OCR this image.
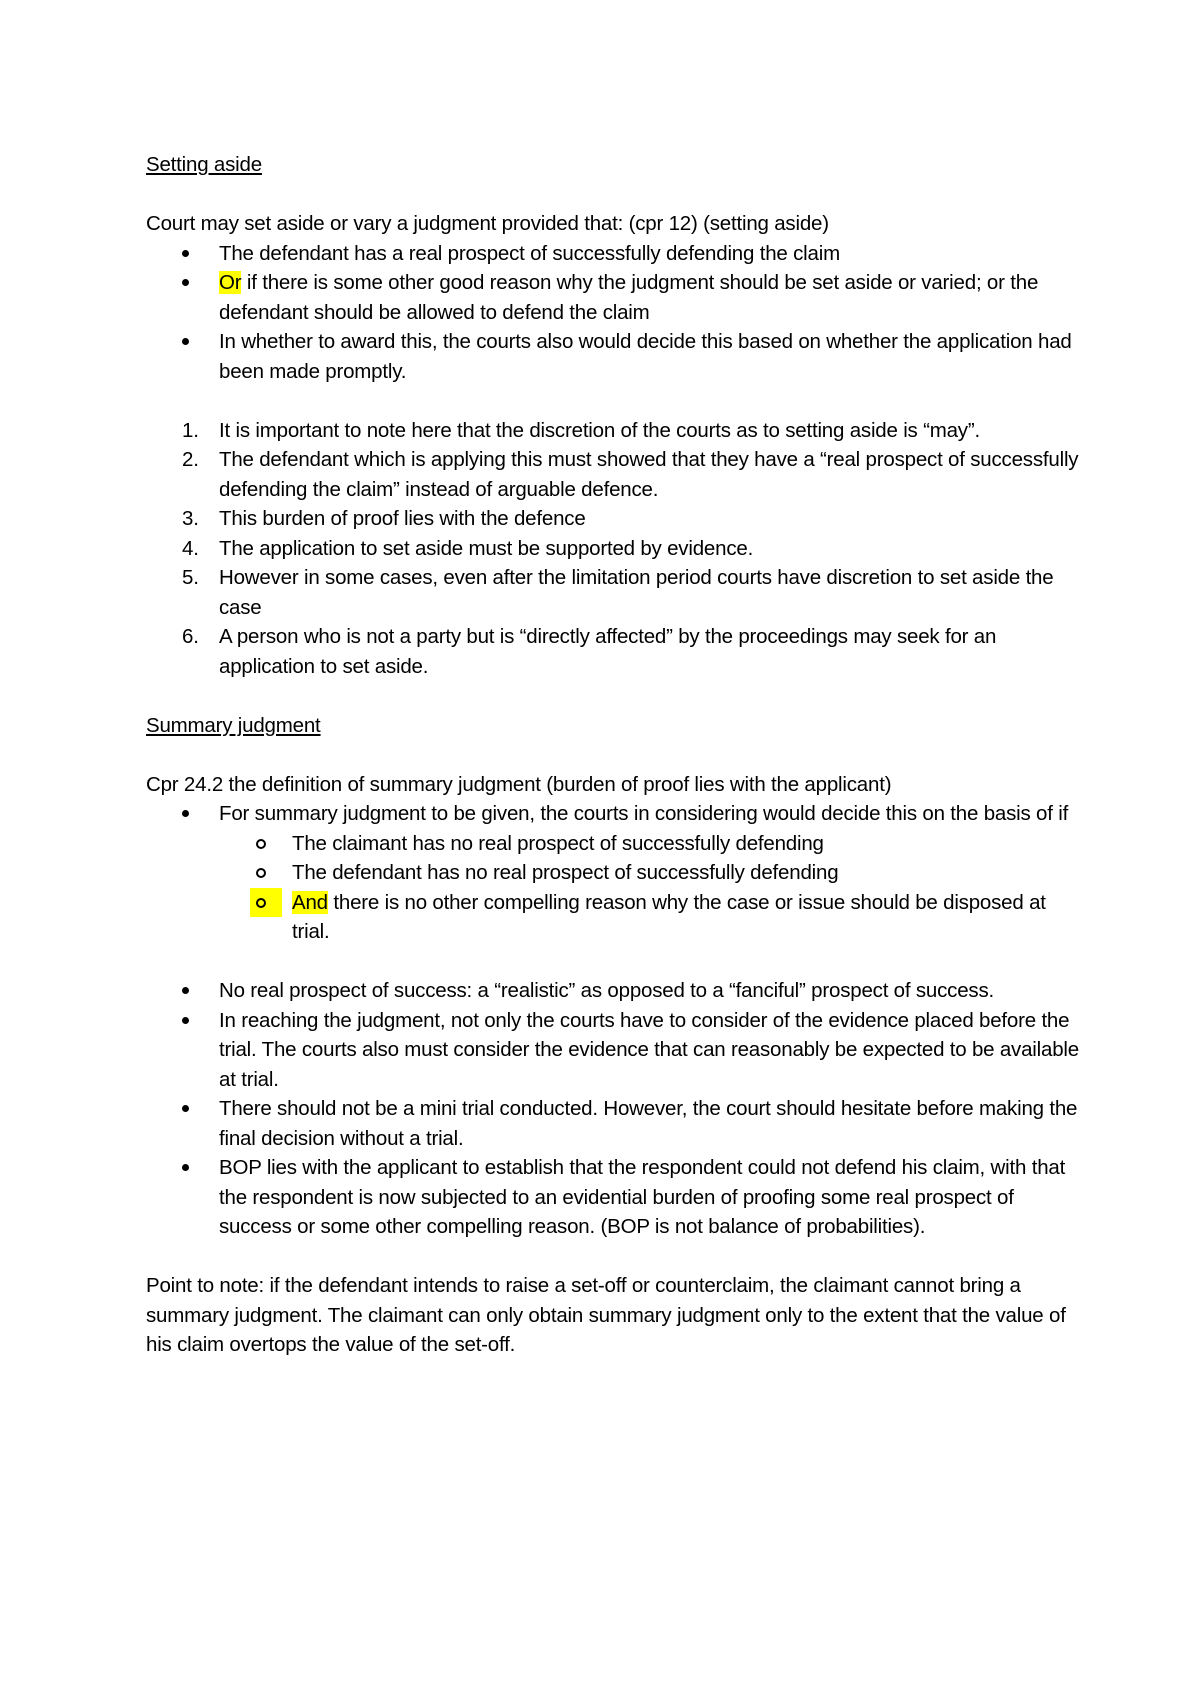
Setting aside

Court may set aside or vary a judgment provided that: (cpr 12) (setting aside)

The defendant has a real prospect of successfully defending the claim
Or if there is some other good reason why the judgment should be set aside or varied; or the defendant should be allowed to defend the claim
In whether to award this, the courts also would decide this based on whether the application had been made promptly.
1. It is important to note here that the discretion of the courts as to setting aside is “may”.
2. The defendant which is applying this must showed that they have a “real prospect of successfully defending the claim” instead of arguable defence.
3. This burden of proof lies with the defence
4. The application to set aside must be supported by evidence.
5. However in some cases, even after the limitation period courts have discretion to set aside the case
6. A person who is not a party but is “directly affected” by the proceedings may seek for an application to set aside.

Summary judgment

Cpr 24.2 the definition of summary judgment (burden of proof lies with the applicant)

For summary judgment to be given, the courts in considering would decide this on the basis of if
The claimant has no real prospect of successfully defending
The defendant has no real prospect of successfully defending
And there is no other compelling reason why the case or issue should be disposed at trial.
No real prospect of success: a “realistic” as opposed to a “fanciful” prospect of success.
In reaching the judgment, not only the courts have to consider of the evidence placed before the trial. The courts also must consider the evidence that can reasonably be expected to be available at trial.
There should not be a mini trial conducted. However, the court should hesitate before making the final decision without a trial.
BOP lies with the applicant to establish that the respondent could not defend his claim, with that the respondent is now subjected to an evidential burden of proofing some real prospect of success or some other compelling reason. (BOP is not balance of probabilities).

Point to note: if the defendant intends to raise a set-off or counterclaim, the claimant cannot bring a summary judgment. The claimant can only obtain summary judgment only to the extent that the value of his claim overtops the value of the set-off.
